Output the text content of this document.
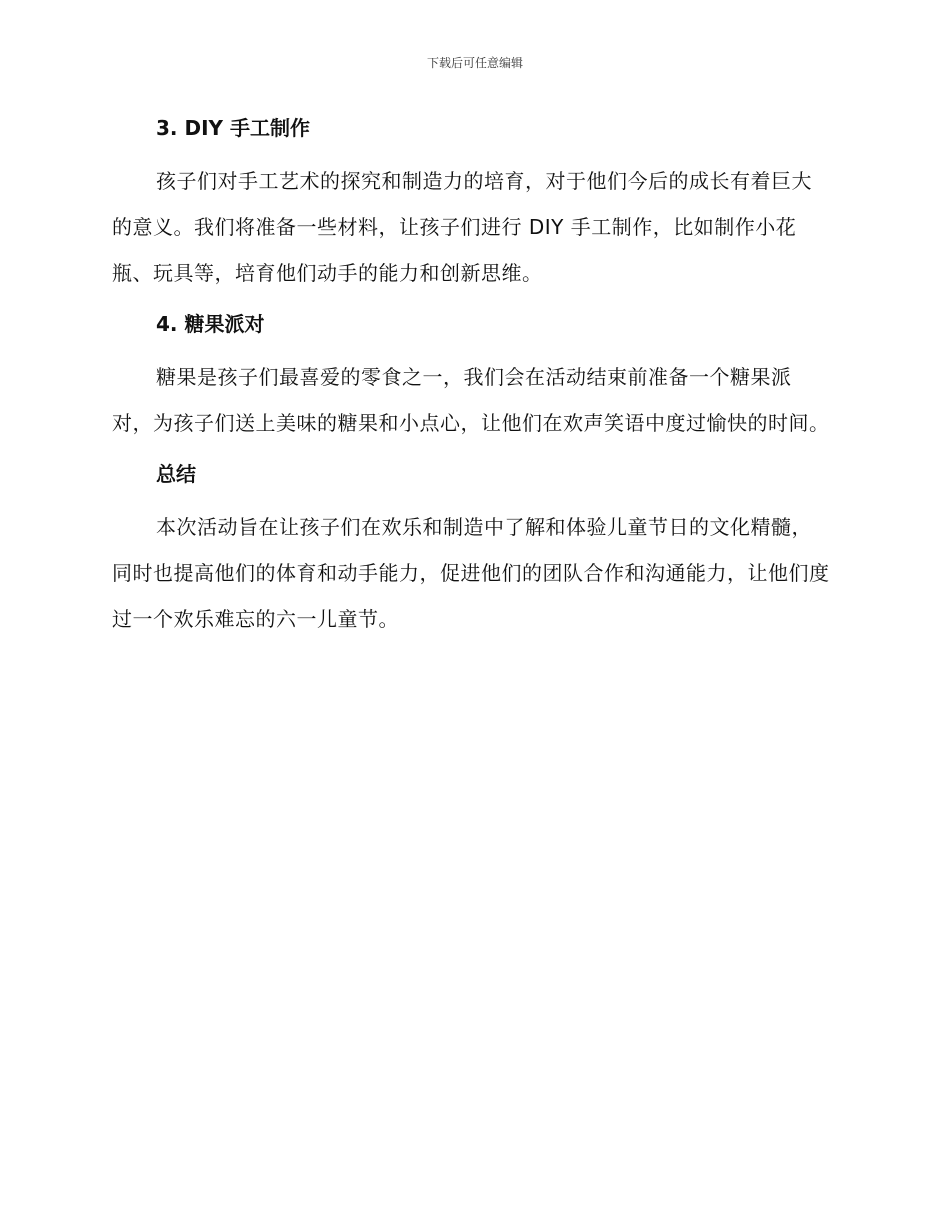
下载后可任意编辑
3. DIY 手工制作

孩子们对手工艺术的探究和制造力的培育，对于他们今后的成长有着巨大的意义。我们将准备一些材料，让孩子们进行 DIY 手工制作，比如制作小花瓶、玩具等，培育他们动手的能力和创新思维。

4. 糖果派对

糖果是孩子们最喜爱的零食之一，我们会在活动结束前准备一个糖果派对，为孩子们送上美味的糖果和小点心，让他们在欢声笑语中度过愉快的时间。

总结

本次活动旨在让孩子们在欢乐和制造中了解和体验儿童节日的文化精髓，同时也提高他们的体育和动手能力，促进他们的团队合作和沟通能力，让他们度过一个欢乐难忘的六一儿童节。
